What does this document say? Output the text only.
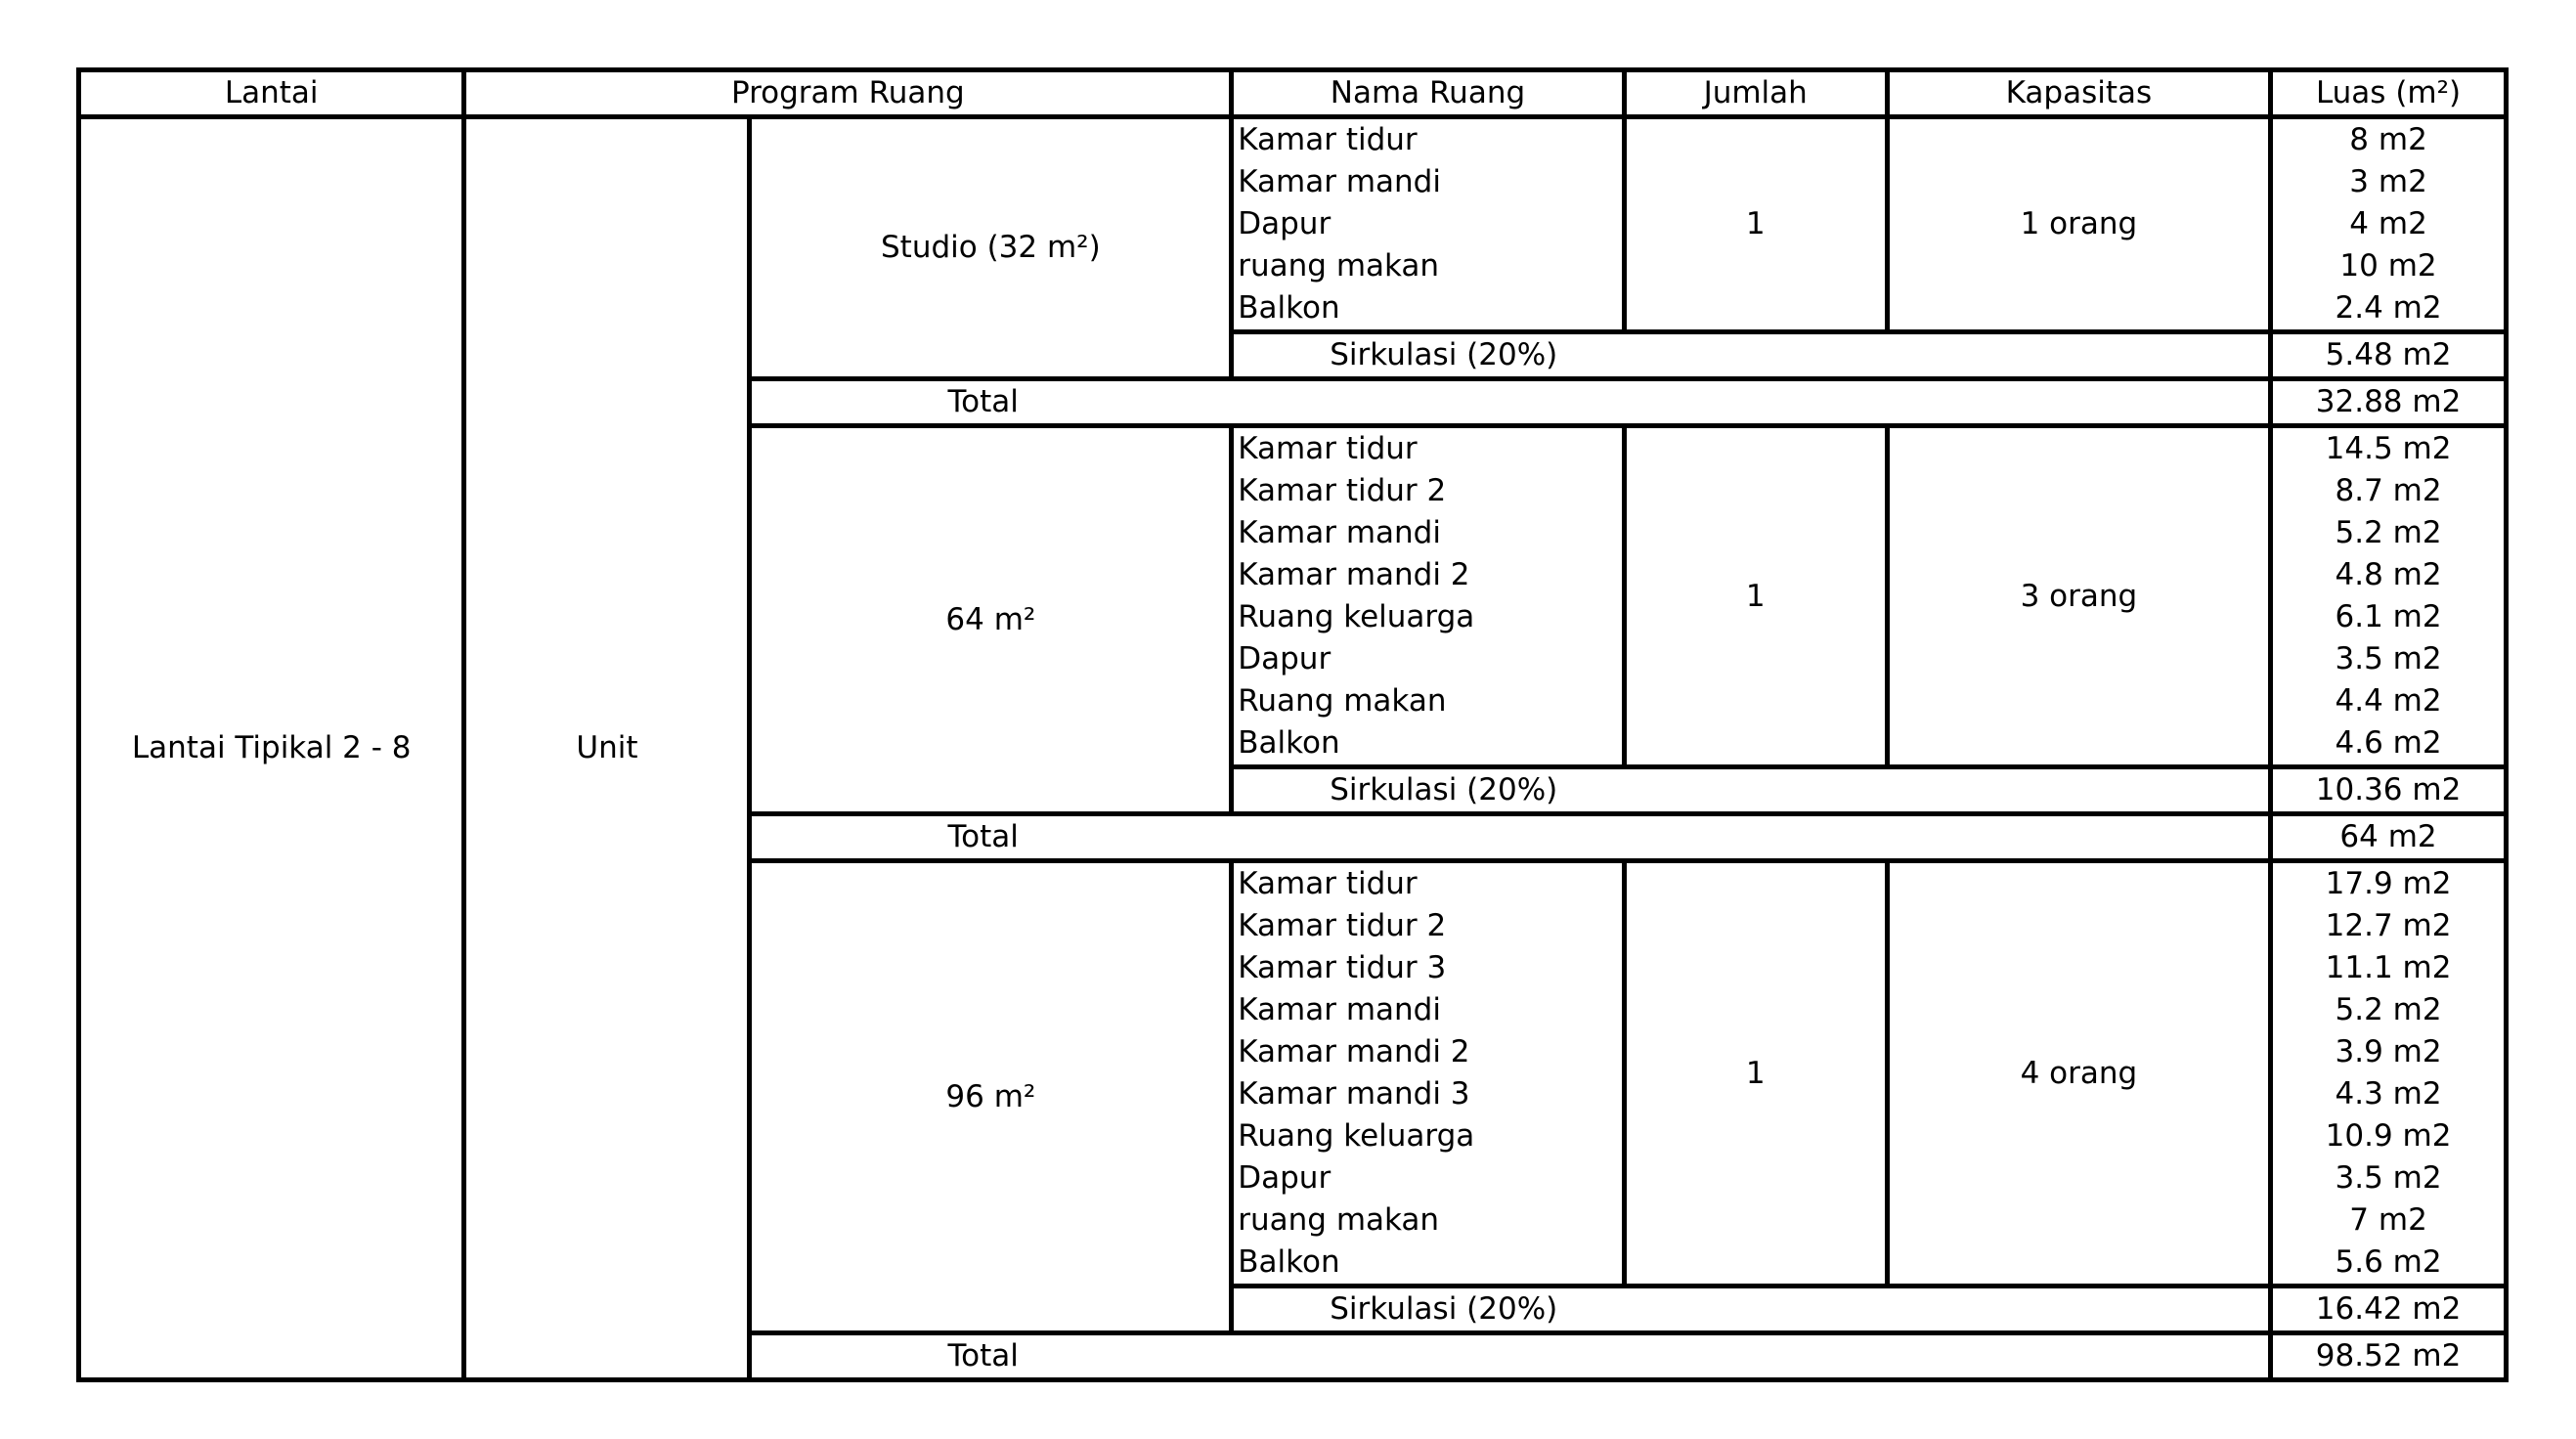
Lantai	Program Ruang		Nama Ruang	Jumlah	Kapasitas	Luas (m²)
Lantai Tipikal 2 - 8	Unit	Studio (32 m²)	Kamar tidur	1	1 orang	8 m2
			Kamar mandi			3 m2
			Dapur			4 m2
			ruang makan			10 m2
			Balkon			2.4 m2
			Sirkulasi (20%)			5.48 m2
		Total				32.88 m2
		64 m²	Kamar tidur	1	3 orang	14.5 m2
			Kamar tidur 2			8.7 m2
			Kamar mandi			5.2 m2
			Kamar mandi 2			4.8 m2
			Ruang keluarga			6.1 m2
			Dapur			3.5 m2
			Ruang makan			4.4 m2
			Balkon			4.6 m2
			Sirkulasi (20%)			10.36 m2
		Total				64 m2
		96 m²	Kamar tidur	1	4 orang	17.9 m2
			Kamar tidur 2			12.7 m2
			Kamar tidur 3			11.1 m2
			Kamar mandi			5.2 m2
			Kamar mandi 2			3.9 m2
			Kamar mandi 3			4.3 m2
			Ruang keluarga			10.9 m2
			Dapur			3.5 m2
			ruang makan			7 m2
			Balkon			5.6 m2
			Sirkulasi (20%)			16.42 m2
		Total				98.52 m2
